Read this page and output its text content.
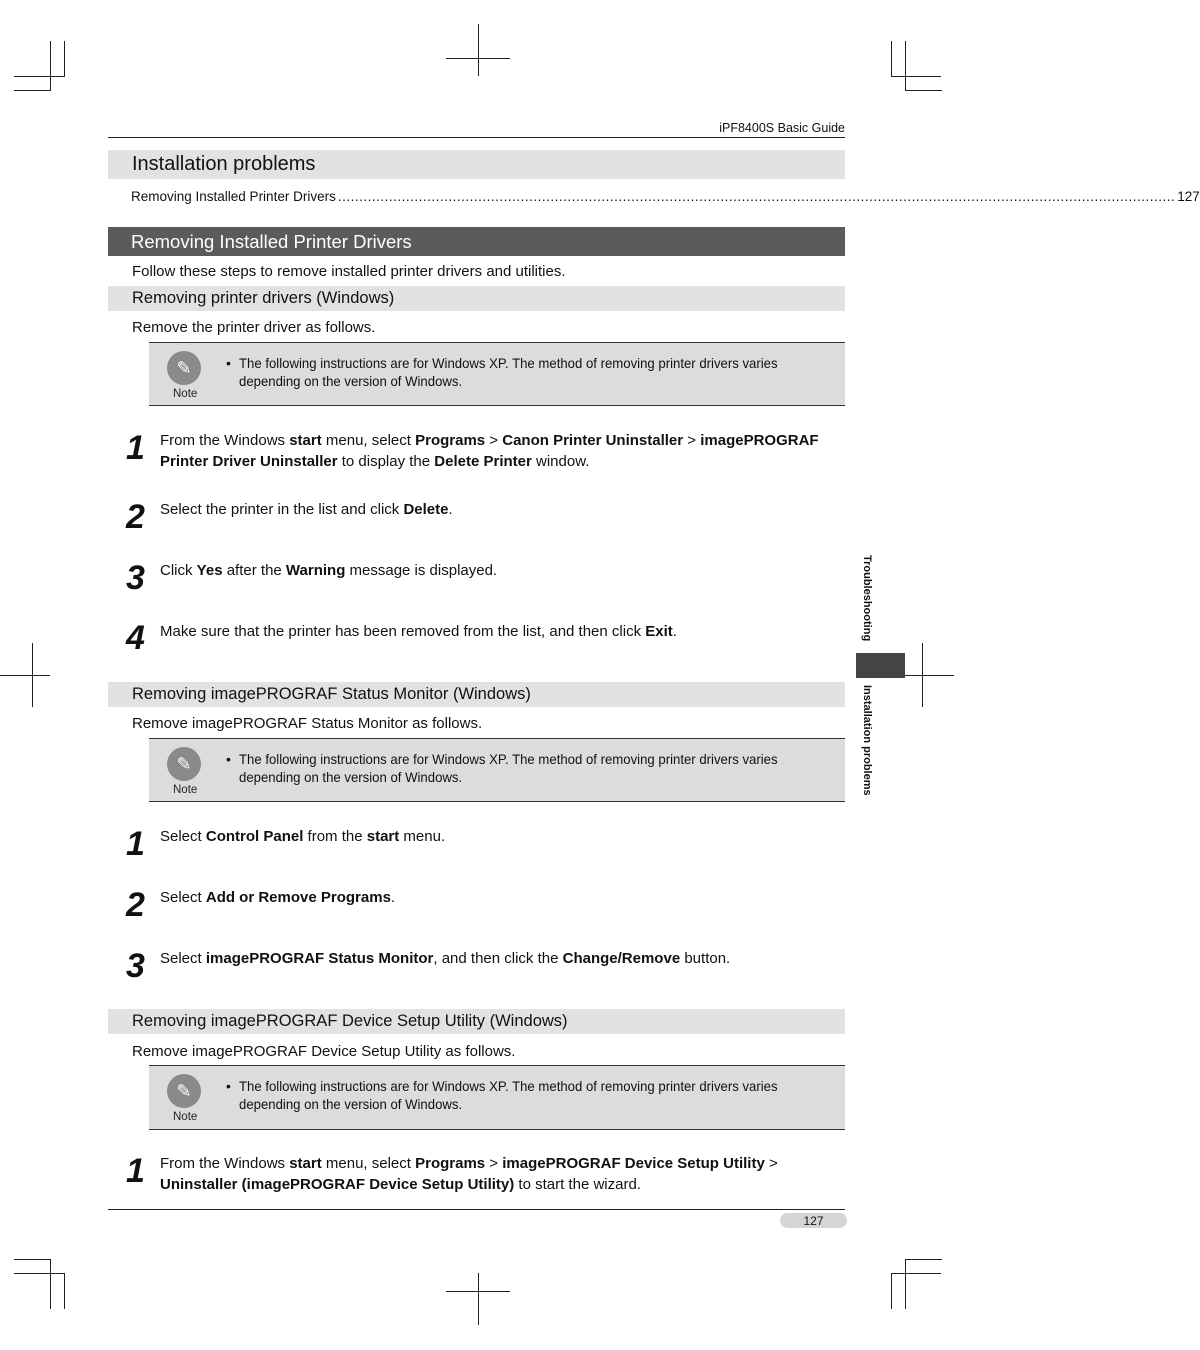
iPF8400S Basic Guide
Installation problems
Removing Installed Printer Drivers ..................................................................................................................................................................................................... 127
Removing Installed Printer Drivers
Follow these steps to remove installed printer drivers and utilities.
Removing printer drivers (Windows)
Remove the printer driver as follows.
✎
Note
• The following instructions are for Windows XP. The method of removing printer drivers varies depending on the version of Windows.
1 From the Windows start menu, select Programs > Canon Printer Uninstaller > imagePROGRAF Printer Driver Uninstaller to display the Delete Printer window.
2 Select the printer in the list and click Delete.
3 Click Yes after the Warning message is displayed.
4 Make sure that the printer has been removed from the list, and then click Exit.
Removing imagePROGRAF Status Monitor (Windows)
Remove imagePROGRAF Status Monitor as follows.
✎
Note
• The following instructions are for Windows XP. The method of removing printer drivers varies depending on the version of Windows.
1 Select Control Panel from the start menu.
2 Select Add or Remove Programs.
3 Select imagePROGRAF Status Monitor, and then click the Change/Remove button.
Removing imagePROGRAF Device Setup Utility (Windows)
Remove imagePROGRAF Device Setup Utility as follows.
✎
Note
• The following instructions are for Windows XP. The method of removing printer drivers varies depending on the version of Windows.
1 From the Windows start menu, select Programs > imagePROGRAF Device Setup Utility > Uninstaller (imagePROGRAF Device Setup Utility) to start the wizard.
127
Troubleshooting
Installation problems
